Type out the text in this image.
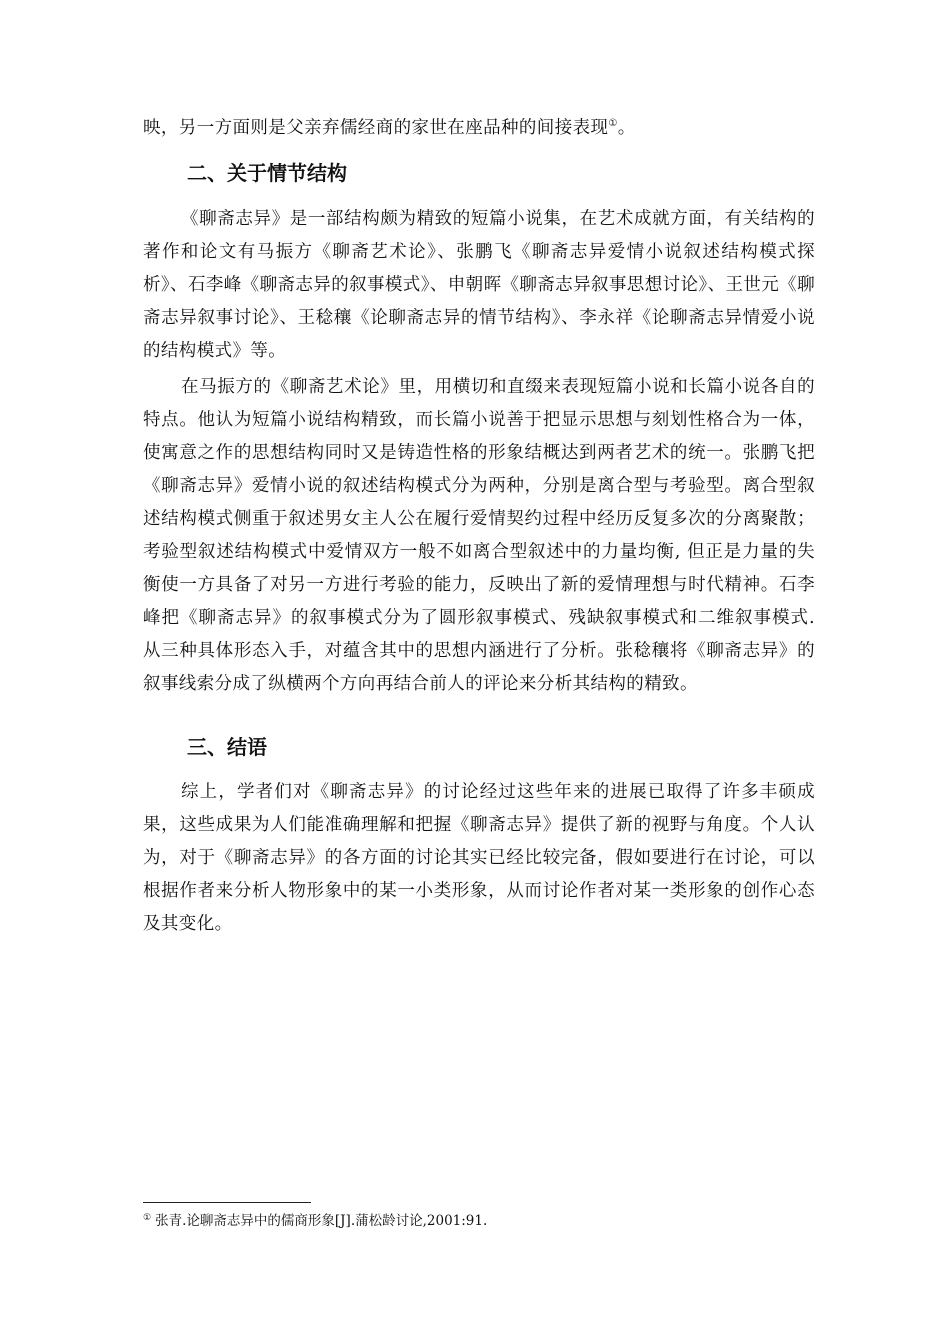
映，另一方面则是父亲弃儒经商的家世在座品种的间接表现①。

二、关于情节结构

《聊斋志异》是一部结构颇为精致的短篇小说集，在艺术成就方面，有关结构的著作和论文有马振方《聊斋艺术论》、张鹏飞《聊斋志异爱情小说叙述结构模式探析》、石李峰《聊斋志异的叙事模式》、申朝晖《聊斋志异叙事思想讨论》、王世元《聊斋志异叙事讨论》、王稔穰《论聊斋志异的情节结构》、李永祥《论聊斋志异情爱小说的结构模式》等。

在马振方的《聊斋艺术论》里，用横切和直缀来表现短篇小说和长篇小说各自的特点。他认为短篇小说结构精致，而长篇小说善于把显示思想与刻划性格合为一体，使寓意之作的思想结构同时又是铸造性格的形象结概达到两者艺术的统一。张鹏飞把《聊斋志异》爱情小说的叙述结构模式分为两种，分别是离合型与考验型。离合型叙述结构模式侧重于叙述男女主人公在履行爱情契约过程中经历反复多次的分离聚散；考验型叙述结构模式中爱情双方一般不如离合型叙述中的力量均衡, 但正是力量的失衡使一方具备了对另一方进行考验的能力，反映出了新的爱情理想与时代精神。石李峰把《聊斋志异》的叙事模式分为了圆形叙事模式、残缺叙事模式和二维叙事模式. 从三种具体形态入手，对蕴含其中的思想内涵进行了分析。张稔穰将《聊斋志异》的叙事线索分成了纵横两个方向再结合前人的评论来分析其结构的精致。

三、结语

综上，学者们对《聊斋志异》的讨论经过这些年来的进展已取得了许多丰硕成果，这些成果为人们能准确理解和把握《聊斋志异》提供了新的视野与角度。个人认为，对于《聊斋志异》的各方面的讨论其实已经比较完备，假如要进行在讨论，可以根据作者来分析人物形象中的某一小类形象，从而讨论作者对某一类形象的创作心态及其变化。

① 张青.论聊斋志异中的儒商形象[J].蒲松龄讨论,2001:91.
